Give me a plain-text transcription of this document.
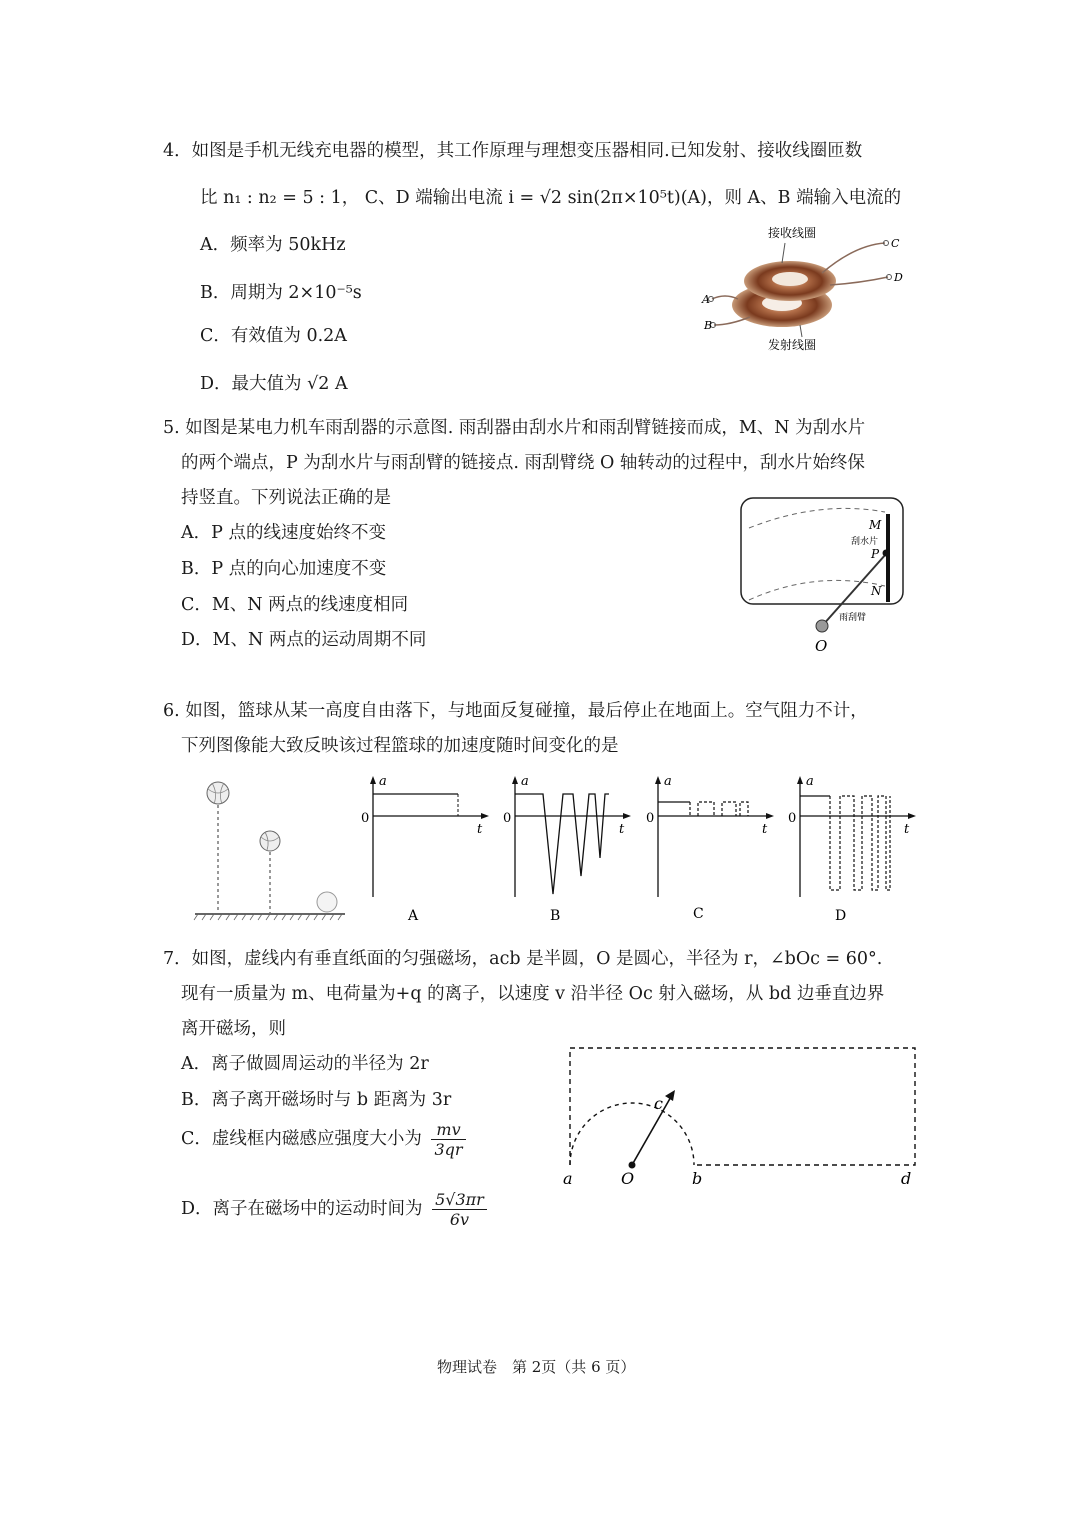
4．如图是手机无线充电器的模型，其工作原理与理想变压器相同.已知发射、接收线圈匝数
比 n₁ : n₂ = 5 : 1， C、D 端输出电流 i = √2 sin(2π×10⁵t)(A)，则 A、B 端输入电流的
A．频率为 50kHz
B．周期为 2×10⁻⁵s
C．有效值为 0.2A
D．最大值为 √2 A
接收线圈
发射线圈
A
B
C
D
5. 如图是某电力机车雨刮器的示意图. 雨刮器由刮水片和雨刮臂链接而成，M、N 为刮水片
的两个端点，P 为刮水片与雨刮臂的链接点. 雨刮臂绕 O 轴转动的过程中，刮水片始终保
持竖直。下列说法正确的是
A．P 点的线速度始终不变
B．P 点的向心加速度不变
C．M、N 两点的线速度相同
D．M、N 两点的运动周期不同
M
刮水片
P
N
雨刮臂
O
6. 如图，篮球从某一高度自由落下，与地面反复碰撞，最后停止在地面上。空气阻力不计，
下列图像能大致反映该过程篮球的加速度随时间变化的是
a
0
t
A
a
0
t
B
a
0
t
C
a
0
t
D
7．如图，虚线内有垂直纸面的匀强磁场，acb 是半圆，O 是圆心，半径为 r，∠bOc = 60°.
现有一质量为 m、电荷量为+q 的离子，以速度 v 沿半径 Oc 射入磁场，从 bd 边垂直边界
离开磁场，则
A．离子做圆周运动的半径为 2r
B．离子离开磁场时与 b 距离为 3r
C．虚线框内磁感应强度大小为 $\frac{mv}{3qr}$
D．离子在磁场中的运动时间为 $\frac{5√3\pi r}{6v}$
a	O	b	d
c
物理试卷　第 2页（共 6 页）
